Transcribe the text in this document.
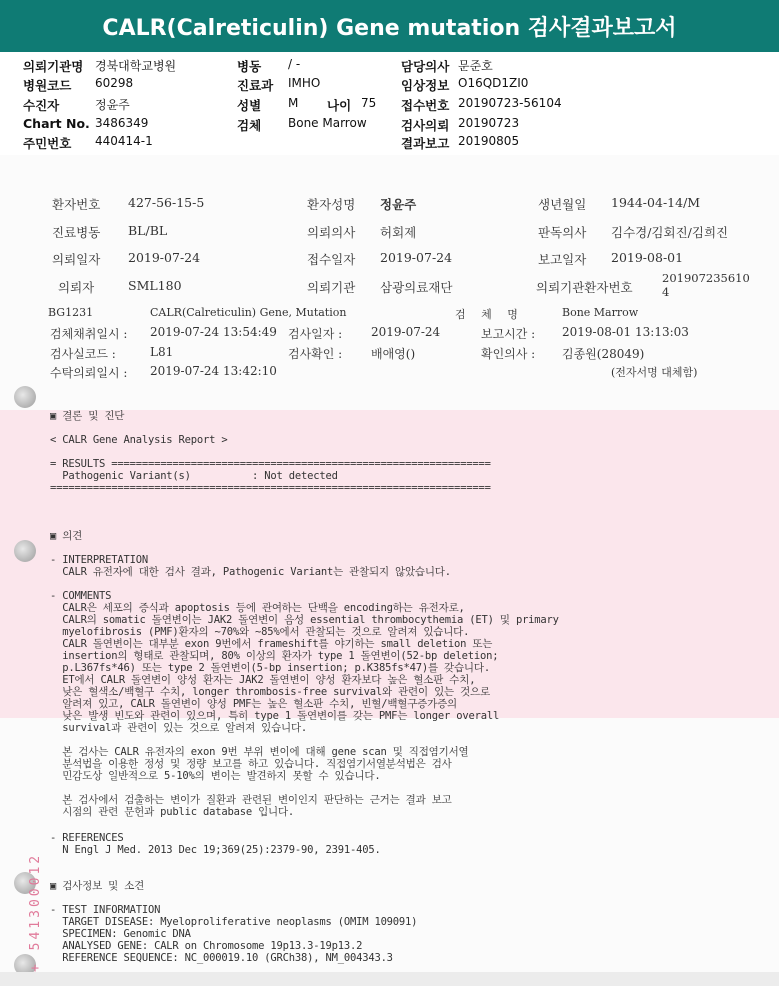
CALR(Calreticulin) Gene mutation 검사결과보고서
의뢰기관명 경북대학교병원
병원코드 60298
수진자	정윤주
Chart No. 3486349
주민번호 440414-1
병동 / -
진료과 IMHO
성별 M 나이 75
검체 Bone Marrow
담당의사 문준호
임상정보 O16QD1ZI0
접수번호 20190723-56104
검사의뢰 20190723
결과보고 20190805
환자번호 427-56-15-5	환자성명 정윤주	생년월일 1944-04-14/M
진료병동 BL/BL	의뢰의사 허회제	판독의사 김수경/김회진/김희진
의뢰일자 2019-07-24	접수일자 2019-07-24	보고일자 2019-08-01
의뢰자	SML180	의뢰기관 삼광의료재단	의뢰기관환자번호
201907235610
4
BG1231	CALR(Calreticulin) Gene, Mutation	검 체 명	Bone Marrow
검체채취일시 : 2019-07-24 13:54:49 검사일자 : 2019-07-24	보고시간 : 2019-08-01 13:13:03
검사실코드 :	L81	검사확인 : 배애영()	확인의사 : 김종원(28049)
수탁의뢰일시 : 2019-07-24 13:42:10	(전자서명 대체함)
▣ 결론 및 진단
< CALR Gene Analysis Report >
= RESULTS ==============================================================
Pathogenic Variant(s)          : Not detected
========================================================================
▣ 의견
- INTERPRETATION
CALR 유전자에 대한 검사 결과, Pathogenic Variant는 관찰되지 않았습니다.
- COMMENTS
CALR은 세포의 증식과 apoptosis 등에 관여하는 단백을 encoding하는 유전자로,
CALR의 somatic 돌연변이는 JAK2 돌연변이 음성 essential thrombocythemia (ET) 및 primary
myelofibrosis (PMF)환자의 ~70%와 ~85%에서 관찰되는 것으로 알려져 있습니다.
CALR 돌연변이는 대부분 exon 9번에서 frameshift를 야기하는 small deletion 또는
insertion의 형태로 관찰되며, 80% 이상의 환자가 type 1 돌연변이(52-bp deletion;
p.L367fs*46) 또는 type 2 돌연변이(5-bp insertion; p.K385fs*47)를 갖습니다.
ET에서 CALR 돌연변이 양성 환자는 JAK2 돌연변이 양성 환자보다 높은 혈소판 수치,
낮은 혈색소/백혈구 수치, longer thrombosis-free survival와 관련이 있는 것으로
알려져 있고, CALR 돌연변이 양성 PMF는 높은 혈소판 수치, 빈혈/백혈구증가증의
낮은 발생 빈도와 관련이 있으며, 특히 type 1 돌연변이를 갖는 PMF는 longer overall
survival과 관련이 있는 것으로 알려져 있습니다.
본 검사는 CALR 유전자의 exon 9번 부위 변이에 대해 gene scan 및 직접염기서열
분석법을 이용한 정성 및 정량 보고를 하고 있습니다. 직접염기서열분석법은 검사
민감도상 일반적으로 5-10%의 변이는 발견하지 못할 수 있습니다.
본 검사에서 검출하는 변이가 질환과 관련된 변이인지 판단하는 근거는 결과 보고
시점의 관련 문헌과 public database 입니다.
- REFERENCES
N Engl J Med. 2013 Dec 19;369(25):2379-90, 2391-405.
▣ 검사정보 및 소견
- TEST INFORMATION
TARGET DISEASE: Myeloproliferative neoplasms (OMIM 109091)
SPECIMEN: Genomic DNA
ANALYSED GENE: CALR on Chromosome 19p13.3-19p13.2
REFERENCE SEQUENCE: NC_000019.10 (GRCh38), NM_004343.3
+ 541300012
